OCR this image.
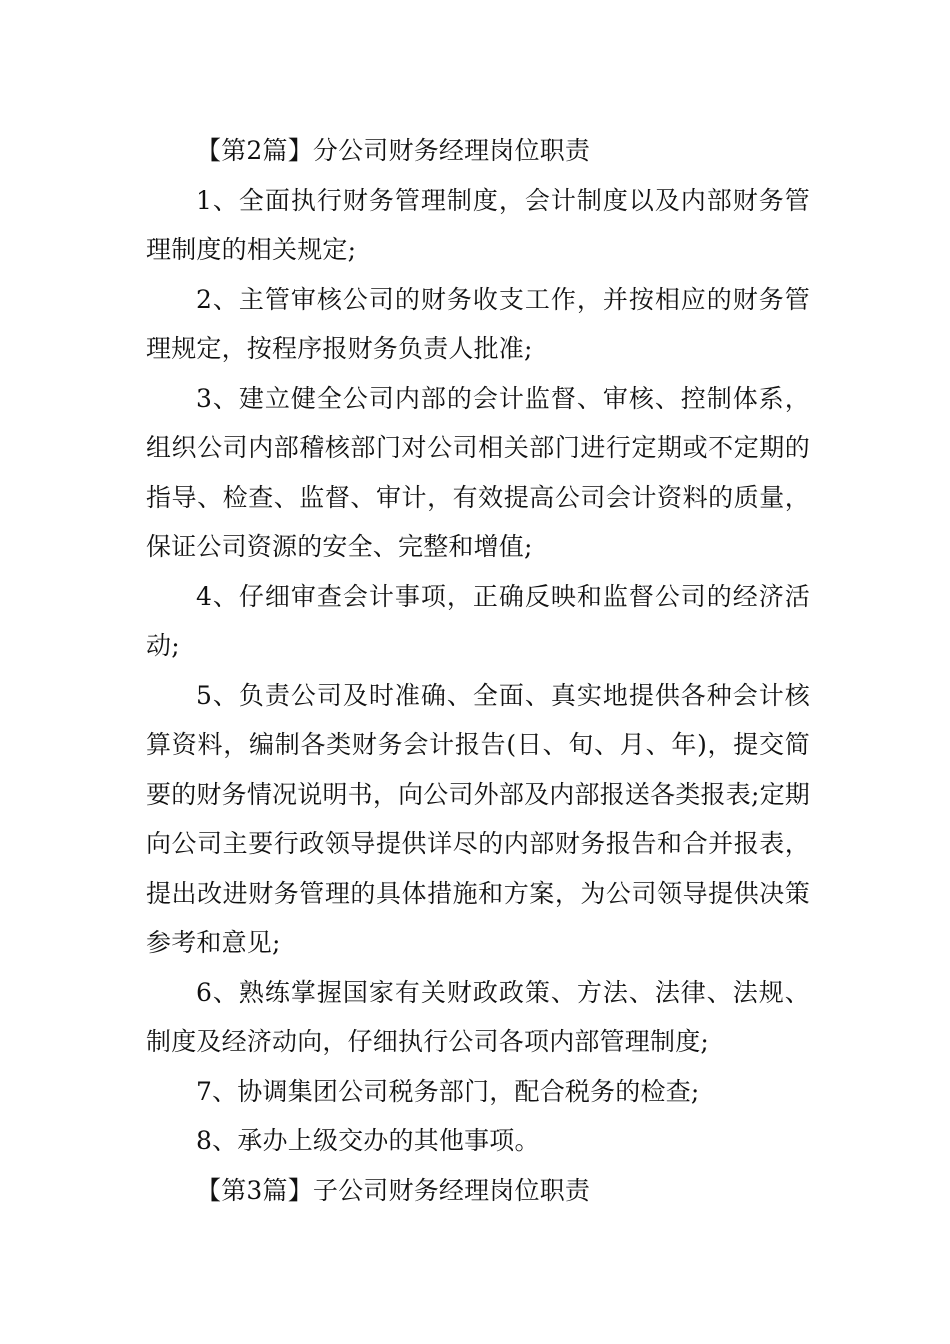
【第2篇】分公司财务经理岗位职责

1、全面执行财务管理制度，会计制度以及内部财务管理制度的相关规定;

2、主管审核公司的财务收支工作，并按相应的财务管理规定，按程序报财务负责人批准;

3、建立健全公司内部的会计监督、审核、控制体系，组织公司内部稽核部门对公司相关部门进行定期或不定期的指导、检查、监督、审计，有效提高公司会计资料的质量，保证公司资源的安全、完整和增值;

4、仔细审查会计事项，正确反映和监督公司的经济活动;

5、负责公司及时准确、全面、真实地提供各种会计核算资料，编制各类财务会计报告(日、旬、月、年)，提交简要的财务情况说明书，向公司外部及内部报送各类报表;定期向公司主要行政领导提供详尽的内部财务报告和合并报表，提出改进财务管理的具体措施和方案，为公司领导提供决策参考和意见;

6、熟练掌握国家有关财政政策、方法、法律、法规、制度及经济动向，仔细执行公司各项内部管理制度;

7、协调集团公司税务部门，配合税务的检查;

8、承办上级交办的其他事项。

【第3篇】子公司财务经理岗位职责
